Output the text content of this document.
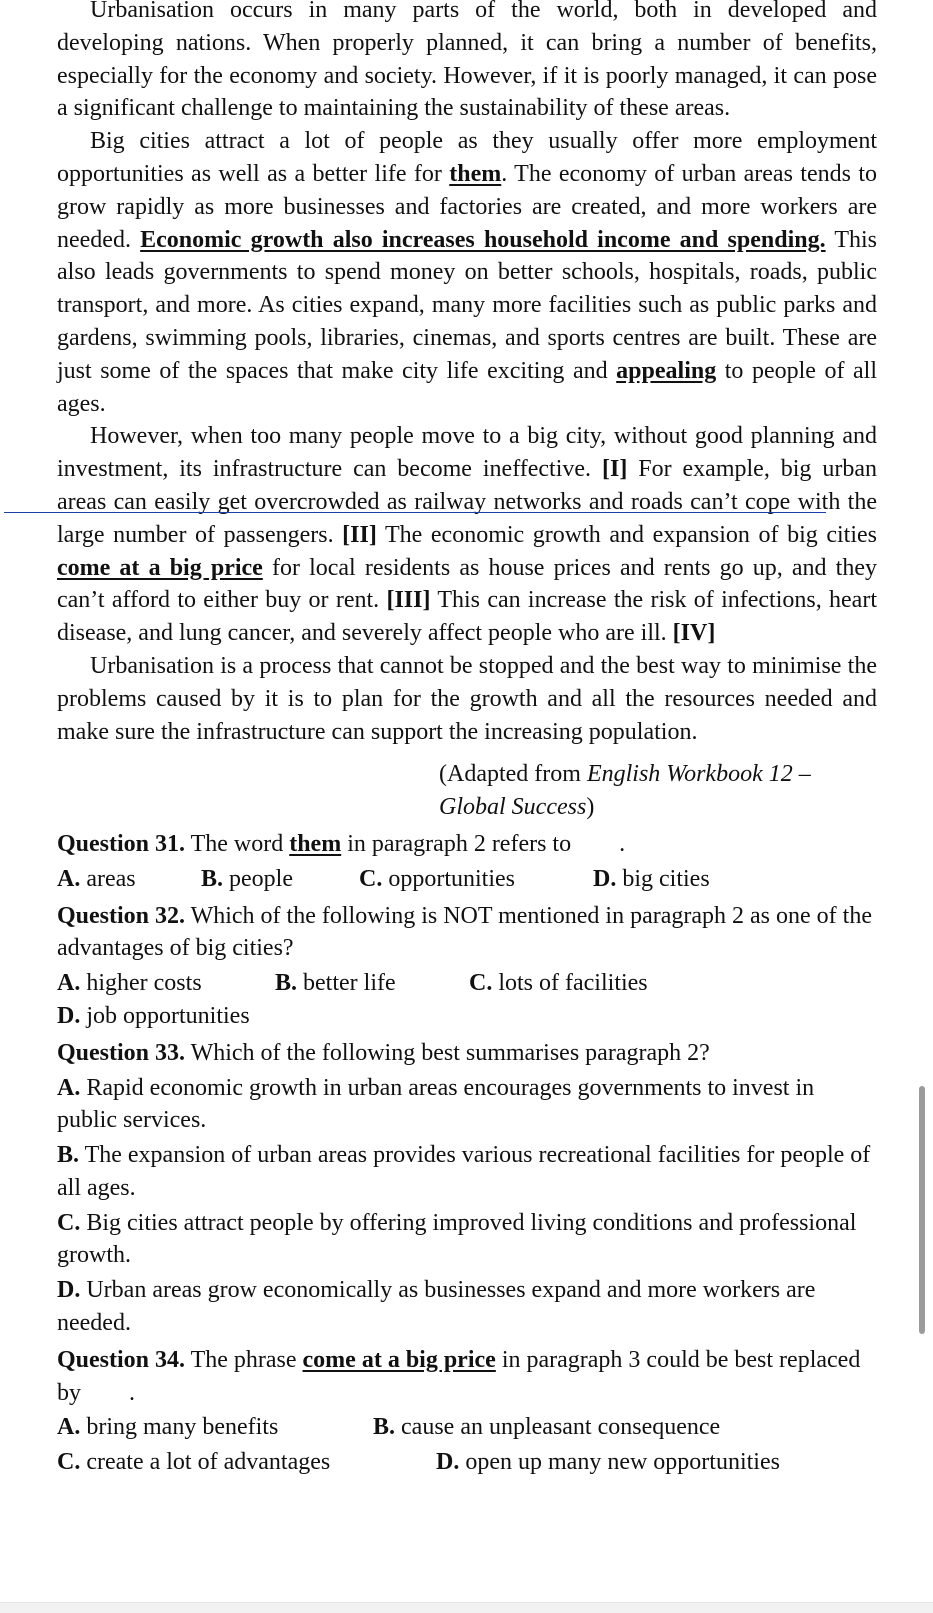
Urbanisation occurs in many parts of the world, both in developed and developing nations. When properly planned, it can bring a number of benefits, especially for the economy and society. However, if it is poorly managed, it can pose a significant challenge to maintaining the sustainability of these areas.

Big cities attract a lot of people as they usually offer more employment opportunities as well as a better life for them. The economy of urban areas tends to grow rapidly as more businesses and factories are created, and more workers are needed. Economic growth also increases household income and spending. This also leads governments to spend money on better schools, hospitals, roads, public transport, and more. As cities expand, many more facilities such as public parks and gardens, swimming pools, libraries, cinemas, and sports centres are built. These are just some of the spaces that make city life exciting and appealing to people of all ages.

However, when too many people move to a big city, without good planning and investment, its infrastructure can become ineffective. [I] For example, big urban areas can easily get overcrowded as railway networks and roads can’t cope with the large number of passengers. [II] The economic growth and expansion of big cities come at a big price for local residents as house prices and rents go up, and they can’t afford to either buy or rent. [III] This can increase the risk of infections, heart disease, and lung cancer, and severely affect people who are ill. [IV]

Urbanisation is a process that cannot be stopped and the best way to minimise the problems caused by it is to plan for the growth and all the resources needed and make sure the infrastructure can support the increasing population.

(Adapted from English Workbook 12 –
Global Success)

Question 31. The word them in paragraph 2 refers to        .

A. areas	B. people	C. opportunities	D. big cities

Question 32. Which of the following is NOT mentioned in paragraph 2 as one of the advantages of big cities?

A. higher costs	B. better life	C. lots of facilities
D. job opportunities

Question 33. Which of the following best summarises paragraph 2?

A. Rapid economic growth in urban areas encourages governments to invest in public services.

B. The expansion of urban areas provides various recreational facilities for people of all ages.

C. Big cities attract people by offering improved living conditions and professional growth.

D. Urban areas grow economically as businesses expand and more workers are needed.

Question 34. The phrase come at a big price in paragraph 3 could be best replaced by        .

A. bring many benefits	B. cause an unpleasant consequence
C. create a lot of advantages	D. open up many new opportunities
